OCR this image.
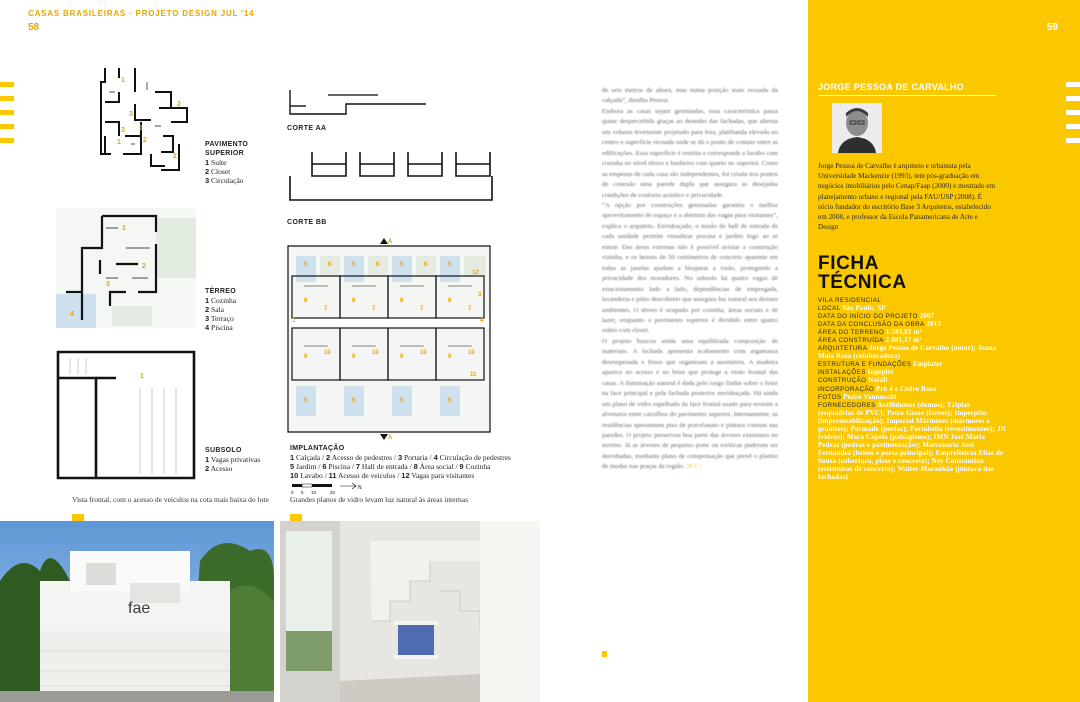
CASAS BRASILEIRAS · PROJETO DESIGN JUL '14
58
1
2
3
1
2
1
3
2
PAVIMENTO SUPERIOR
1 Suíte
2 Closet
3 Circulação
1
3
2
4
TÉRREO
1 Cozinha
2 Sala
3 Terraço
4 Piscina
1
SUBSOLO
1 Vagas privativas
2 Acesso
CORTE AA
CORTE BB
A
A
5	6	5	6	5	6	5
12
8	8	8	8
7	7	7	7
9	9	9	9
10	10	10	10
5	6	5	6
11
3
4
1
IMPLANTAÇÃO
1 Calçada / 2 Acesso de pedestres / 3 Portaria / 4 Circulação de pedestres
5 Jardim / 6 Piscina / 7 Hall de entrada / 8 Área social / 9 Cozinha
10 Lavabo / 11 Acesso de veículos / 12 Vagas para visitantes
0 5 10	20
N
Vista frontal, com o acesso de veículos na cota mais baixa do lote	Grandes planos de vidro levam luz natural às áreas internas
fae

de seis metros de altura, mas numa posição mais recuada da calçada”, detalha Pessoa.

Embora as casas sejam geminadas, essa característica passa quase despercebida graças ao desenho das fachadas, que alterna um volume levemente projetado para fora, platibanda elevada no centro e superfície recuada onde se dá o ponto de contato entre as edificações. Essa superfície é restrita e corresponde a lavabo com cozinha no nível térreo e banheiro com quarto no superior. Como as empenas de cada casa são independentes, foi criada nos pontos de conexão uma parede dupla que assegura as desejadas condições de conforto acústico e privacidade.

“A opção por construções geminadas garantiu o melhor aproveitamento do espaço e a abertura das vagas para visitantes”, explica o arquiteto. Envidraçado, o miolo do hall de entrada de cada unidade permite visualizar piscina e jardim logo ao se entrar. Das áreas externas não é possível avistar a construção vizinha, e os beirais de 50 centímetros de concreto aparente em todas as janelas ajudam a bloquear a visão, protegendo a privacidade dos moradores. No subsolo há quatro vagas de estacionamento lado a lado, dependências de empregada, lavanderia e pátio descoberto que assegura luz natural aos demais ambientes. O térreo é ocupado por cozinha, áreas sociais e de lazer, enquanto o pavimento superior é dividido entre quatro suítes com closet.

O projeto buscou ainda uma equilibrada composição de materiais. A fachada apresenta acabamento com argamassa desempenada e frisos que organizam a assimetria. A madeira aparece no acesso e no brise que protege a visão frontal das casas. A iluminação natural é dada pelo rasgo lindar sobre o brise na face principal e pela fachada posterior envidraçada. Há ainda um plano de vidro espelhado da face frontal usado para revestir a alvenaria entre caixilhos do pavimento superior. Internamente, as residências apresentam piso de porcelanato e pintura comum nas paredes. O projeto preservou boa parte das árvores existentes no terreno. Já as árvores de pequeno porte ou exóticas puderam ser derrubadas, mediante plano de compensação que prevê o plantio de mudas nas praças da região. |N.C.|

59
JORGE PESSOA DE CARVALHO
Jorge Pessoa de Carvalho é arquiteto e urbanista pela Universidade Mackenzie (1993), tem pós-graduação em negócios imobiliários pelo Cenap/Faap (2000) e mestrado em planejamento urbano e regional pela FAU/USP (2008). É sócio fundador do escritório Base 3 Arquitetos, estabelecido em 2008, e professor da Escola Panamericana de Arte e Design
FICHA
TÉCNICA
VILA RESIDENCIAL
LOCAL São Paulo, SP
DATA DO INÍCIO DO PROJETO 2007
DATA DA CONCLUSÃO DA OBRA 2013
ÁREA DO TERRENO 1.503,82 m²
ÁREA CONSTRUÍDA 2.081,37 m²
ARQUITETURA Jorge Pessoa de Carvalho (autor); Joana Maia Rosa (colaboradora)
ESTRUTURA E FUNDAÇÕES Emplater
INSTALAÇÕES Ingeplot
CONSTRUÇÃO Natali
INCORPORAÇÃO Pró 4 e Cedro Rosa
FOTOS Pedro Vannucchi
FORNECEDORES Acrilidomos (domos); Yziplas (esquadrias de PVC); Petro Gesso (forros); Imperplus (impermeabilização); Imperial Mármores (mármores e granitos); Pormade (portas); Portobello (revestimentos); JN (vidros); Mara Capela (paisagismo); IMN José Maria Pedras (pedras e pavimentação); Marcenaria José Fernandez (brises e porta principal); Empreiteiras Elias de Sousa (cobertura, pisos e concreto); Ney Constantino (estruturas de concreto); Walter Maranhão (pintura das fachadas)
